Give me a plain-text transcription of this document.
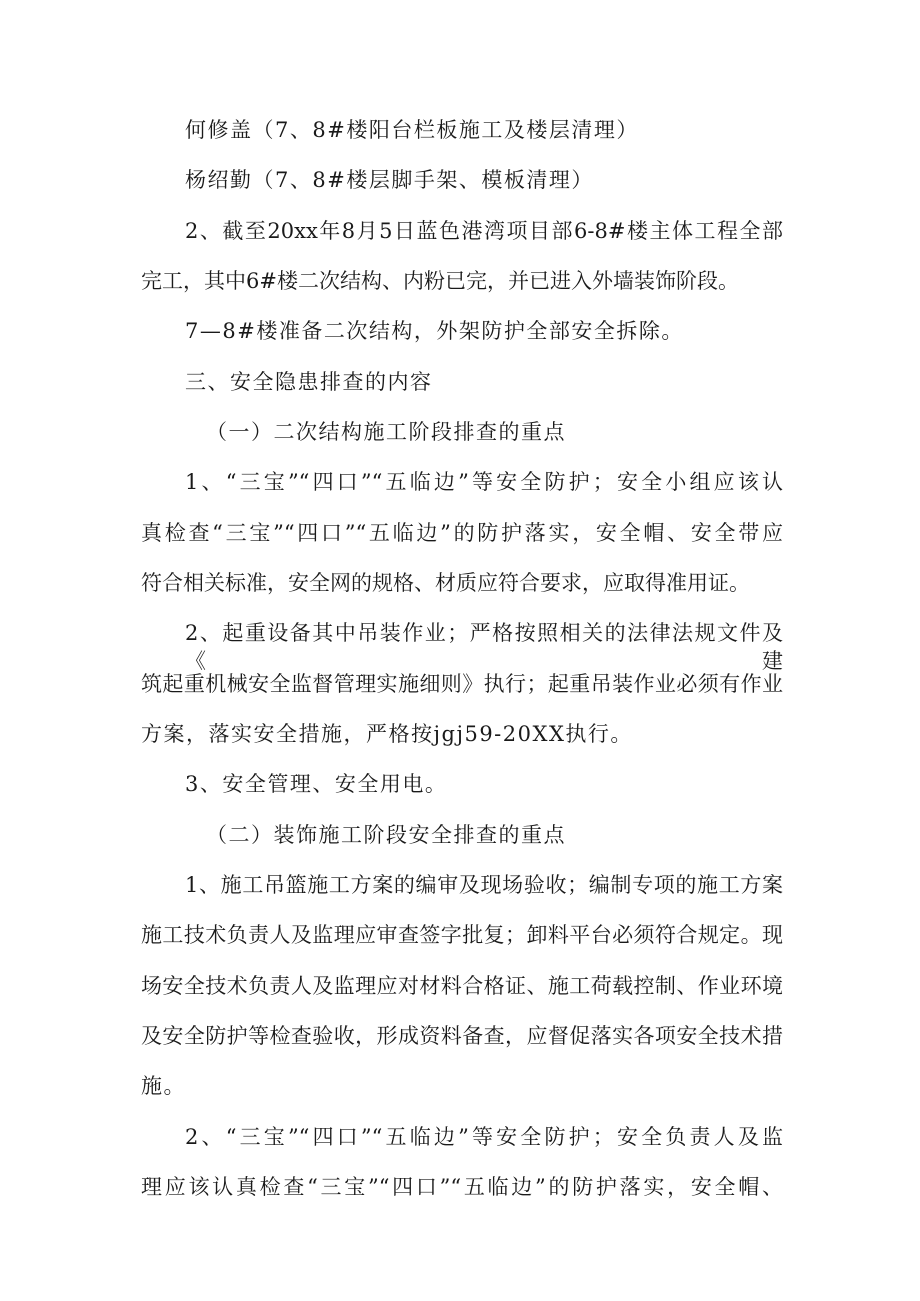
何修盖（7、8#楼阳台栏板施工及楼层清理）
杨绍勤（7、8#楼层脚手架、模板清理）
2、截至20xx年8月5日蓝色港湾项目部6-8#楼主体工程全部
完工，其中6#楼二次结构、内粉已完，并已进入外墙装饰阶段。
7—8#楼准备二次结构，外架防护全部安全拆除。
三、安全隐患排查的内容
（一）二次结构施工阶段排查的重点
1、“三宝”“四口”“五临边”等安全防护；安全小组应该认
真检查“三宝”“四口”“五临边”的防护落实，安全帽、安全带应
符合相关标准，安全网的规格、材质应符合要求，应取得准用证。
2、起重设备其中吊装作业；严格按照相关的法律法规文件及《建
筑起重机械安全监督管理实施细则》执行；起重吊装作业必须有作业
方案，落实安全措施，严格按jgj59-20XX执行。
3、安全管理、安全用电。
（二）装饰施工阶段安全排查的重点
1、施工吊篮施工方案的编审及现场验收；编制专项的施工方案
施工技术负责人及监理应审查签字批复；卸料平台必须符合规定。现
场安全技术负责人及监理应对材料合格证、施工荷载控制、作业环境
及安全防护等检查验收，形成资料备查，应督促落实各项安全技术措
施。
2、“三宝”“四口”“五临边”等安全防护；安全负责人及监
理应该认真检查“三宝”“四口”“五临边”的防护落实，安全帽、
